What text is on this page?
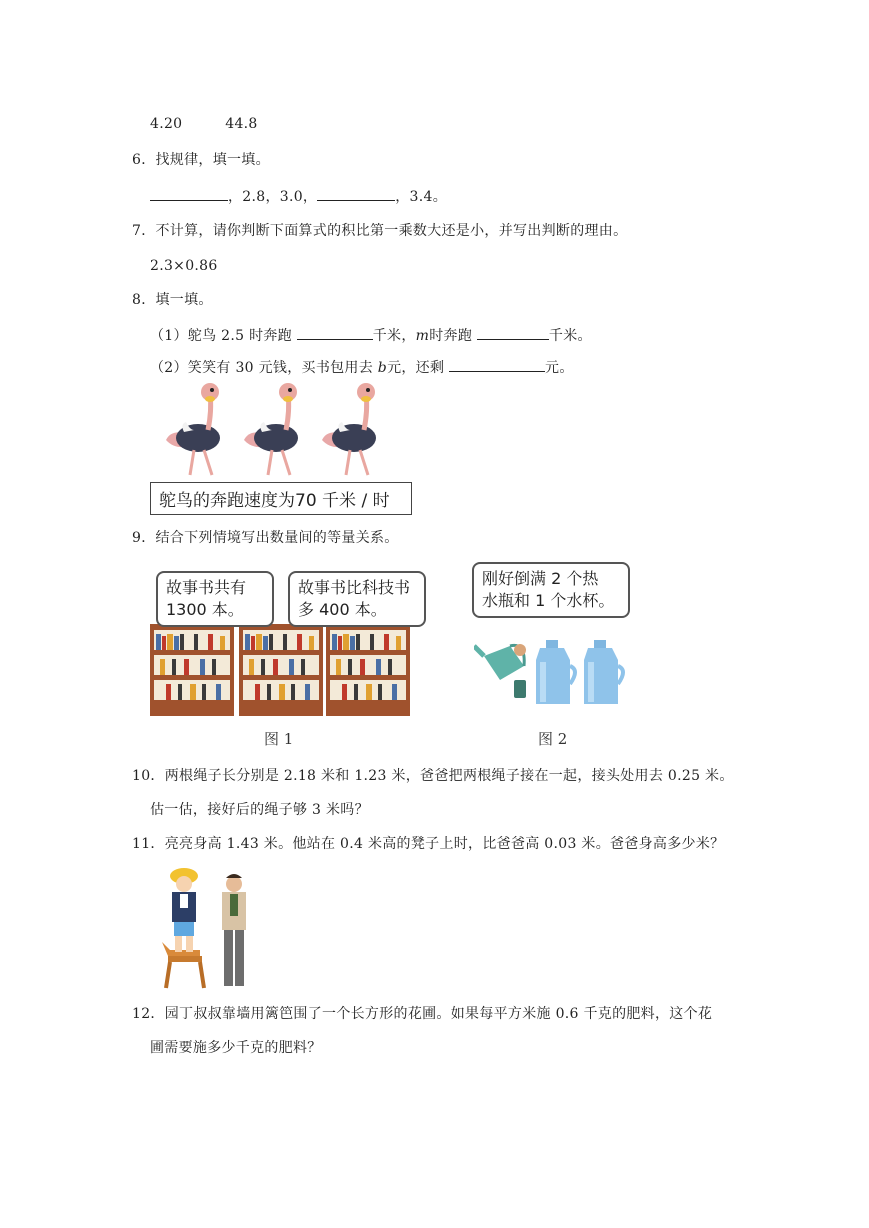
4.20　　　44.8
6．找规律，填一填。
，2.8，3.0，	，3.4。
7．不计算，请你判断下面算式的积比第一乘数大还是小，并写出判断的理由。
2.3×0.86
8．填一填。
（1）鸵鸟 2.5 时奔跑	千米，m时奔跑	千米。
（2）笑笑有 30 元钱，买书包用去 b元，还剩	元。
鸵鸟的奔跑速度为70 千米 / 时
9．结合下列情境写出数量间的等量关系。
故事书共有
1300 本。
故事书比科技书
多 400 本。
刚好倒满 2 个热
水瓶和 1 个水杯。
图 1	图 2
10．两根绳子长分别是 2.18 米和 1.23 米，爸爸把两根绳子接在一起，接头处用去 0.25 米。
估一估，接好后的绳子够 3 米吗？
11．亮亮身高 1.43 米。他站在 0.4 米高的凳子上时，比爸爸高 0.03 米。爸爸身高多少米？
12．园丁叔叔靠墙用篱笆围了一个长方形的花圃。如果每平方米施 0.6 千克的肥料，这个花
圃需要施多少千克的肥料？
